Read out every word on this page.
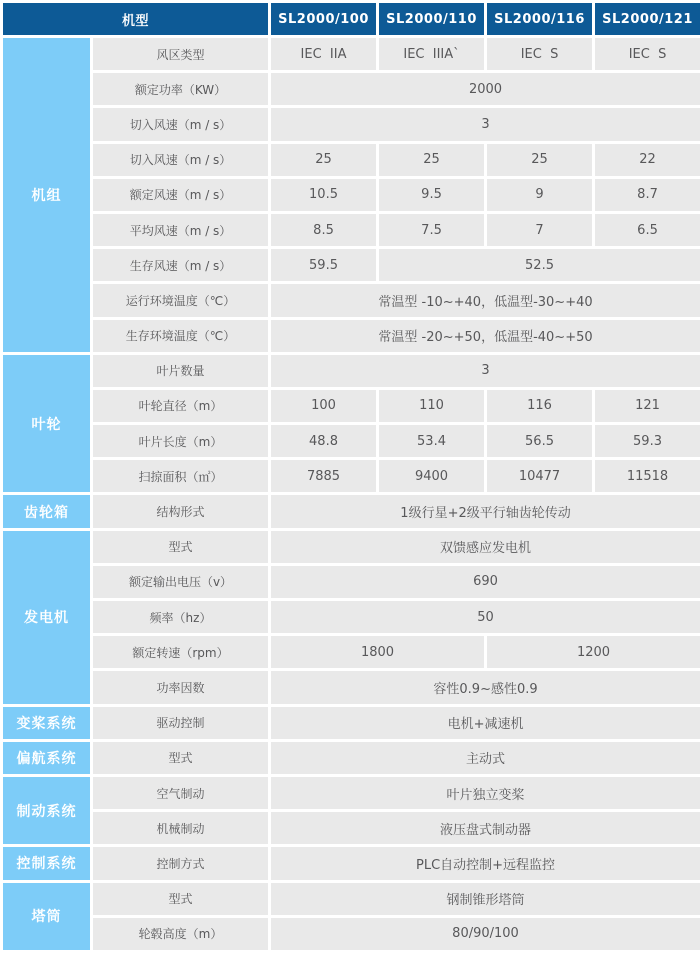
机型		SL2000/100	SL2000/110	SL2000/116	SL2000/121
机组	风区类型	IEC  IIA	IEC  IIIA`	IEC  S	IEC  S
	额定功率（KW）	2000			
	切入风速（m / s）	3			
	切入风速（m / s）	25	25	25	22
	额定风速（m / s）	10.5	9.5	9	8.7
	平均风速（m / s）	8.5	7.5	7	6.5
	生存风速（m / s）	59.5	52.5		
	运行环境温度（℃）	常温型 -10~+40，低温型-30~+40			
	生存环境温度（℃）	常温型 -20~+50，低温型-40~+50			
叶轮	叶片数量	3			
	叶轮直径（m）	100	110	116	121
	叶片长度（m）	48.8	53.4	56.5	59.3
	扫掠面积（㎡）	7885	9400	10477	11518
齿轮箱	结构形式	1级行星+2级平行轴齿轮传动			
发电机	型式	双馈感应发电机			
	额定输出电压（v）	690			
	频率（hz）	50			
	额定转速（rpm）	1800		1200	
	功率因数	容性0.9~感性0.9			
变桨系统	驱动控制	电机+减速机			
偏航系统	型式	主动式			
制动系统	空气制动	叶片独立变桨			
	机械制动	液压盘式制动器			
控制系统	控制方式	PLC自动控制+远程监控			
塔筒	型式	钢制锥形塔筒			
	轮毂高度（m）	80/90/100			
